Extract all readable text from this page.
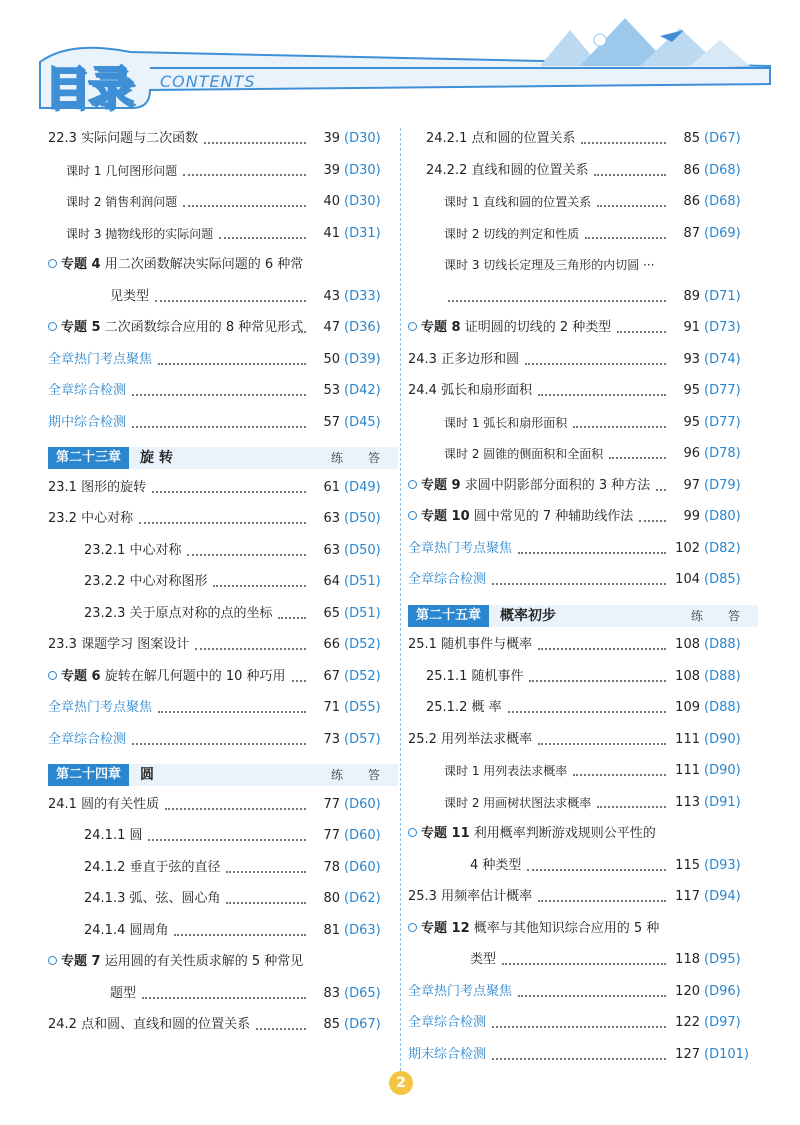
目录 CONTENTS
22.3 实际问题与二次函数	39 (D30)
课时 1 几何图形问题	39 (D30)
课时 2 销售利润问题	40 (D30)
课时 3 抛物线形的实际问题	41 (D31)
专题 4 用二次函数解决实际问题的 6 种常
见类型	43 (D33)
专题 5 二次函数综合应用的 8 种常见形式	47 (D36)
全章热门考点聚焦	50 (D39)
全章综合检测	53 (D42)
期中综合检测	57 (D45)
第二十三章	旋 转	练 答
23.1 图形的旋转	61 (D49)
23.2 中心对称	63 (D50)
23.2.1 中心对称	63 (D50)
23.2.2 中心对称图形	64 (D51)
23.2.3 关于原点对称的点的坐标	65 (D51)
23.3 课题学习 图案设计	66 (D52)
专题 6 旋转在解几何题中的 10 种巧用	67 (D52)
全章热门考点聚焦	71 (D55)
全章综合检测	73 (D57)
第二十四章	圆	练 答
24.1 圆的有关性质	77 (D60)
24.1.1 圆	77 (D60)
24.1.2 垂直于弦的直径	78 (D60)
24.1.3 弧、弦、圆心角	80 (D62)
24.1.4 圆周角	81 (D63)
专题 7 运用圆的有关性质求解的 5 种常见
题型	83 (D65)
24.2 点和圆、直线和圆的位置关系	85 (D67)
24.2.1 点和圆的位置关系	85 (D67)
24.2.2 直线和圆的位置关系	86 (D68)
课时 1 直线和圆的位置关系	86 (D68)
课时 2 切线的判定和性质	87 (D69)
课时 3 切线长定理及三角形的内切圆 ···
89 (D71)
专题 8 证明圆的切线的 2 种类型	91 (D73)
24.3 正多边形和圆	93 (D74)
24.4 弧长和扇形面积	95 (D77)
课时 1 弧长和扇形面积	95 (D77)
课时 2 圆锥的侧面积和全面积	96 (D78)
专题 9 求圆中阴影部分面积的 3 种方法	97 (D79)
专题 10 圆中常见的 7 种辅助线作法	99 (D80)
全章热门考点聚焦	102 (D82)
全章综合检测	104 (D85)
第二十五章	概率初步	练 答
25.1 随机事件与概率	108 (D88)
25.1.1 随机事件	108 (D88)
25.1.2 概 率	109 (D88)
25.2 用列举法求概率	111 (D90)
课时 1 用列表法求概率	111 (D90)
课时 2 用画树状图法求概率	113 (D91)
专题 11 利用概率判断游戏规则公平性的
4 种类型	115 (D93)
25.3 用频率估计概率	117 (D94)
专题 12 概率与其他知识综合应用的 5 种
类型	118 (D95)
全章热门考点聚焦	120 (D96)
全章综合检测	122 (D97)
期末综合检测	127 (D101)
2
